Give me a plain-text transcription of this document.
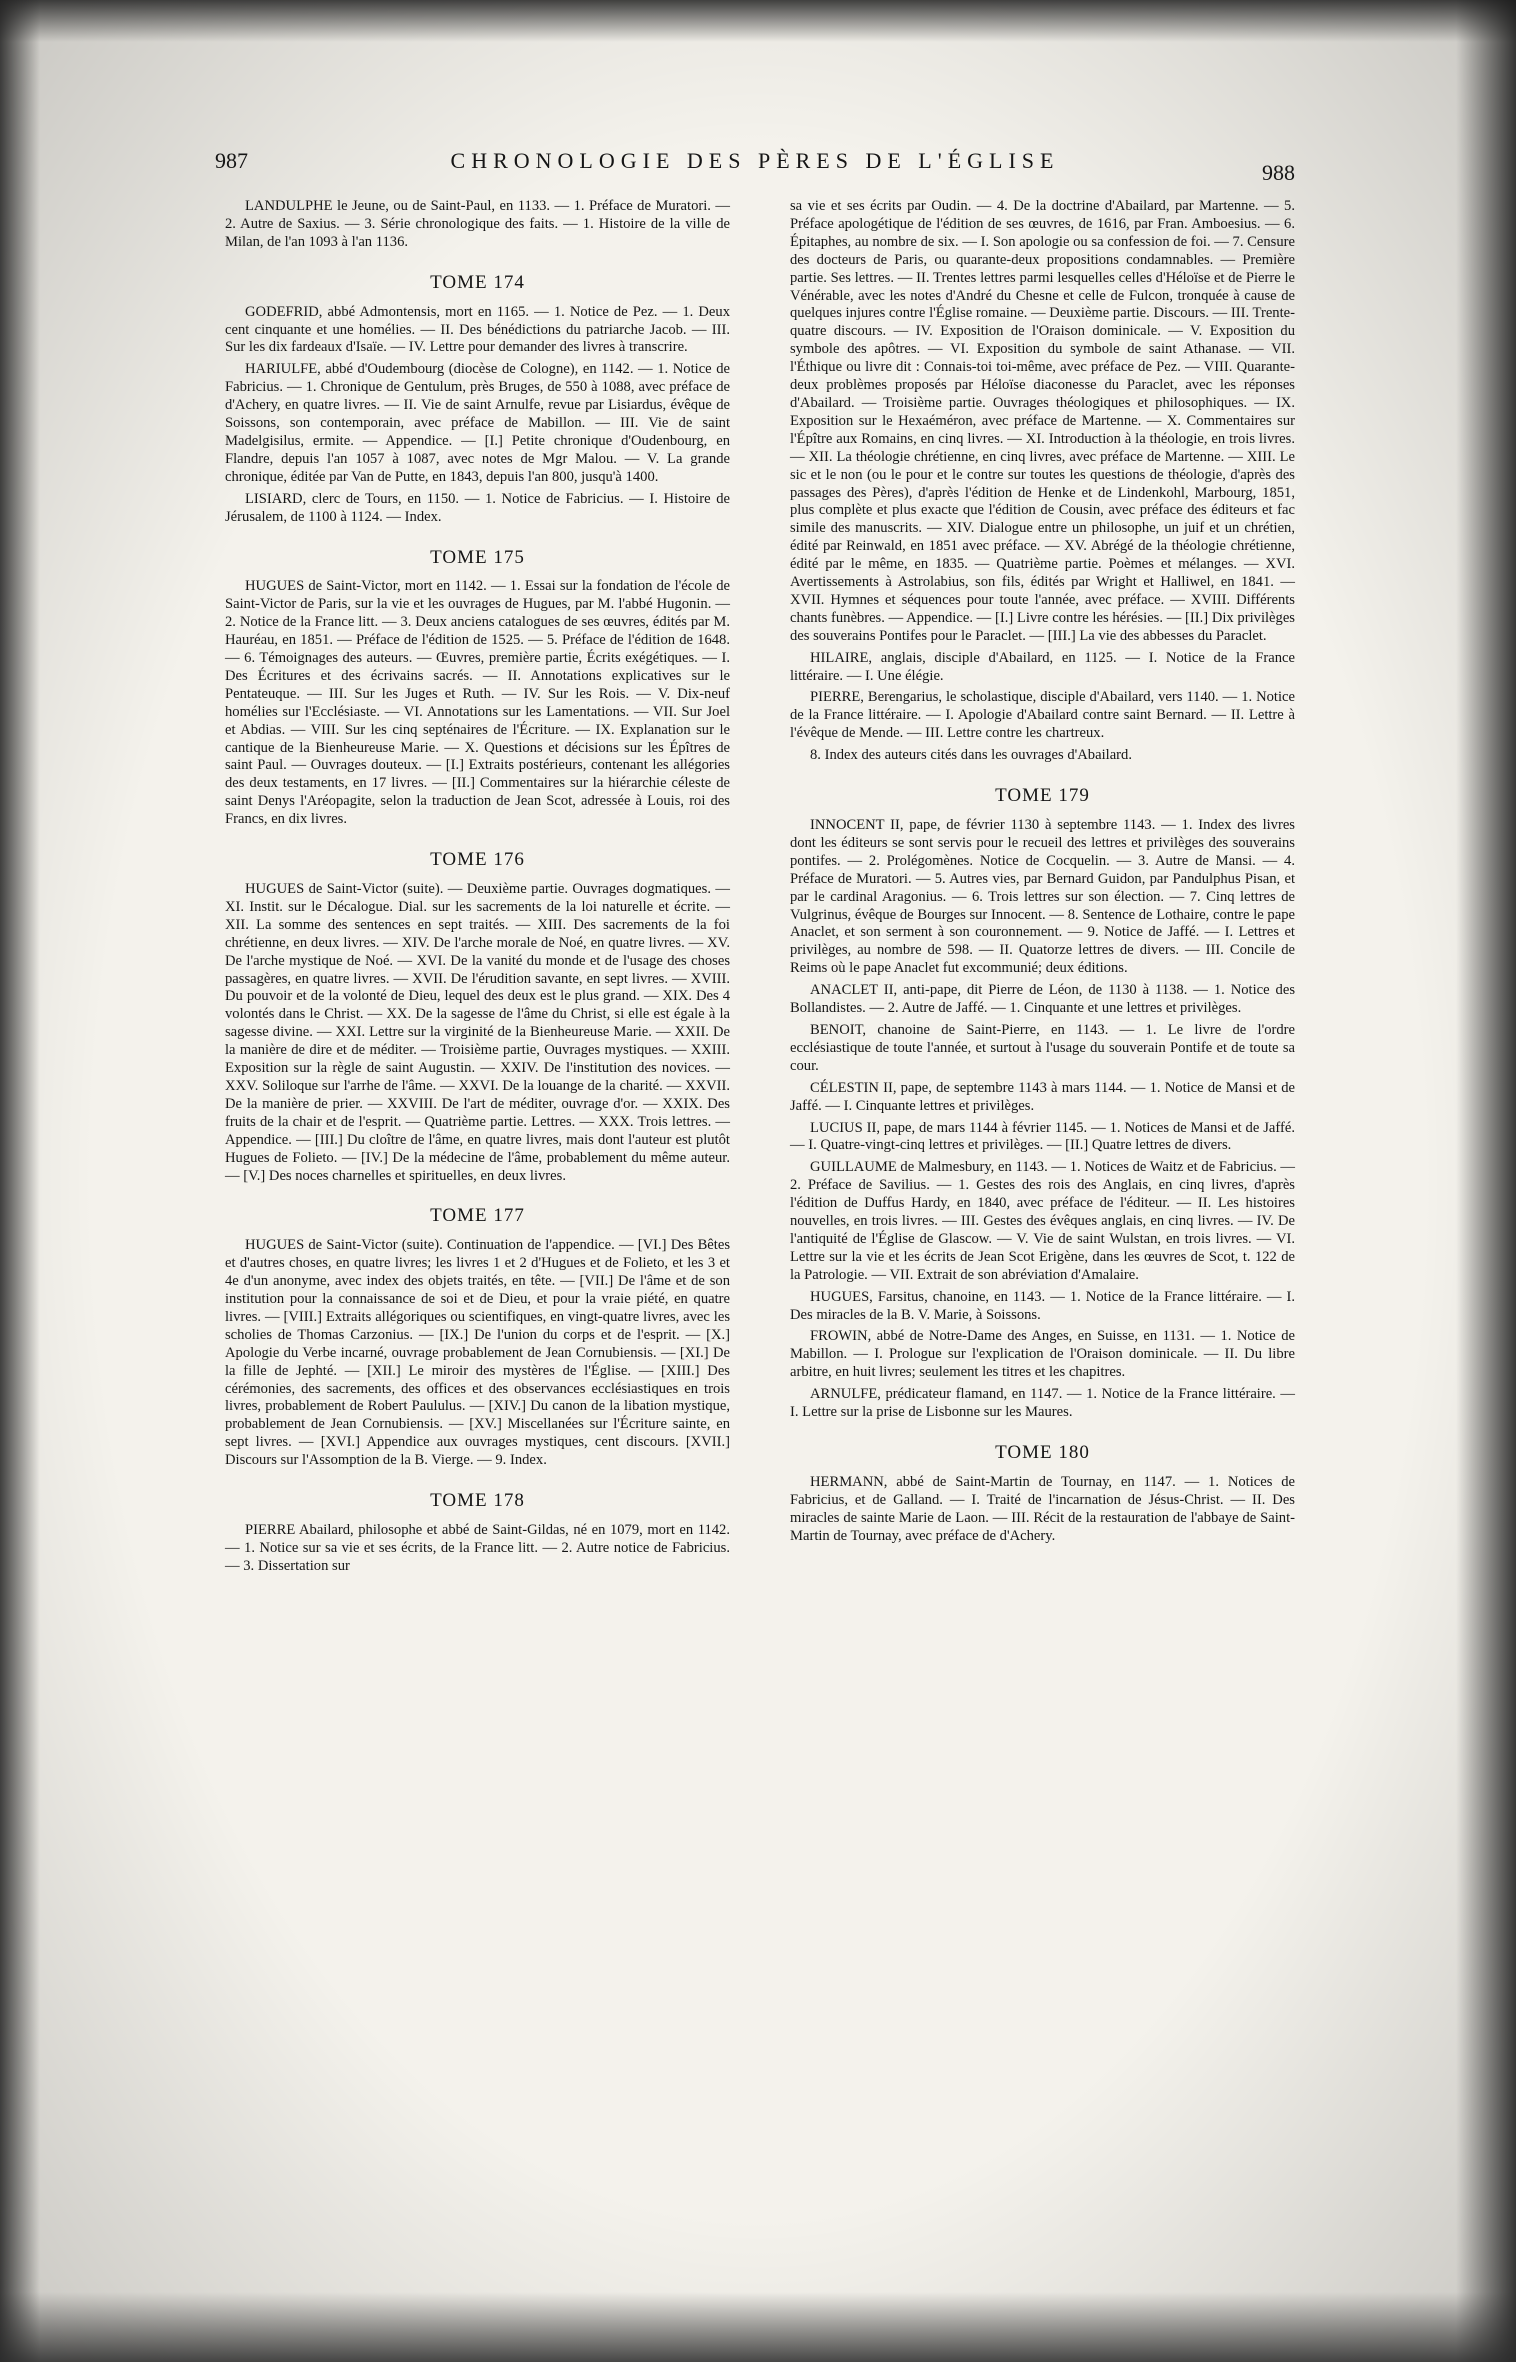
987	CHRONOLOGIE DES PÈRES DE L'ÉGLISE	988

LANDULPHE le Jeune, ou de Saint-Paul, en 1133. — 1. Préface de Muratori. — 2. Autre de Saxius. — 3. Série chronologique des faits. — 1. Histoire de la ville de Milan, de l'an 1093 à l'an 1136.

TOME 174

GODEFRID, abbé Admontensis, mort en 1165. — 1. Notice de Pez. — 1. Deux cent cinquante et une homélies. — II. Des bénédictions du patriarche Jacob. — III. Sur les dix fardeaux d'Isaïe. — IV. Lettre pour demander des livres à transcrire.

HARIULFE, abbé d'Oudembourg (diocèse de Cologne), en 1142. — 1. Notice de Fabricius. — 1. Chronique de Gentulum, près Bruges, de 550 à 1088, avec préface de d'Achery, en quatre livres. — II. Vie de saint Arnulfe, revue par Lisiardus, évêque de Soissons, son contemporain, avec préface de Mabillon. — III. Vie de saint Madelgisilus, ermite. — Appendice. — [I.] Petite chronique d'Oudenbourg, en Flandre, depuis l'an 1057 à 1087, avec notes de Mgr Malou. — V. La grande chronique, éditée par Van de Putte, en 1843, depuis l'an 800, jusqu'à 1400.

LISIARD, clerc de Tours, en 1150. — 1. Notice de Fabricius. — I. Histoire de Jérusalem, de 1100 à 1124. — Index.

TOME 175

HUGUES de Saint-Victor, mort en 1142. — 1. Essai sur la fondation de l'école de Saint-Victor de Paris, sur la vie et les ouvrages de Hugues, par M. l'abbé Hugonin. — 2. Notice de la France litt. — 3. Deux anciens catalogues de ses œuvres, édités par M. Hauréau, en 1851. — Préface de l'édition de 1525. — 5. Préface de l'édition de 1648. — 6. Témoignages des auteurs. — Œuvres, première partie, Écrits exégétiques. — I. Des Écritures et des écrivains sacrés. — II. Annotations explicatives sur le Pentateuque. — III. Sur les Juges et Ruth. — IV. Sur les Rois. — V. Dix-neuf homélies sur l'Ecclésiaste. — VI. Annotations sur les Lamentations. — VII. Sur Joel et Abdias. — VIII. Sur les cinq septénaires de l'Écriture. — IX. Explanation sur le cantique de la Bienheureuse Marie. — X. Questions et décisions sur les Épîtres de saint Paul. — Ouvrages douteux. — [I.] Extraits postérieurs, contenant les allégories des deux testaments, en 17 livres. — [II.] Commentaires sur la hiérarchie céleste de saint Denys l'Aréopagite, selon la traduction de Jean Scot, adressée à Louis, roi des Francs, en dix livres.

TOME 176

HUGUES de Saint-Victor (suite). — Deuxième partie. Ouvrages dogmatiques. — XI. Instit. sur le Décalogue. Dial. sur les sacrements de la loi naturelle et écrite. — XII. La somme des sentences en sept traités. — XIII. Des sacrements de la foi chrétienne, en deux livres. — XIV. De l'arche morale de Noé, en quatre livres. — XV. De l'arche mystique de Noé. — XVI. De la vanité du monde et de l'usage des choses passagères, en quatre livres. — XVII. De l'érudition savante, en sept livres. — XVIII. Du pouvoir et de la volonté de Dieu, lequel des deux est le plus grand. — XIX. Des 4 volontés dans le Christ. — XX. De la sagesse de l'âme du Christ, si elle est égale à la sagesse divine. — XXI. Lettre sur la virginité de la Bienheureuse Marie. — XXII. De la manière de dire et de méditer. — Troisième partie, Ouvrages mystiques. — XXIII. Exposition sur la règle de saint Augustin. — XXIV. De l'institution des novices. — XXV. Soliloque sur l'arrhe de l'âme. — XXVI. De la louange de la charité. — XXVII. De la manière de prier. — XXVIII. De l'art de méditer, ouvrage d'or. — XXIX. Des fruits de la chair et de l'esprit. — Quatrième partie. Lettres. — XXX. Trois lettres. — Appendice. — [III.] Du cloître de l'âme, en quatre livres, mais dont l'auteur est plutôt Hugues de Folieto. — [IV.] De la médecine de l'âme, probablement du même auteur. — [V.] Des noces charnelles et spirituelles, en deux livres.

TOME 177

HUGUES de Saint-Victor (suite). Continuation de l'appendice. — [VI.] Des Bêtes et d'autres choses, en quatre livres; les livres 1 et 2 d'Hugues et de Folieto, et les 3 et 4e d'un anonyme, avec index des objets traités, en tête. — [VII.] De l'âme et de son institution pour la connaissance de soi et de Dieu, et pour la vraie piété, en quatre livres. — [VIII.] Extraits allégoriques ou scientifiques, en vingt-quatre livres, avec les scholies de Thomas Carzonius. — [IX.] De l'union du corps et de l'esprit. — [X.] Apologie du Verbe incarné, ouvrage probablement de Jean Cornubiensis. — [XI.] De la fille de Jephté. — [XII.] Le miroir des mystères de l'Église. — [XIII.] Des cérémonies, des sacrements, des offices et des observances ecclésiastiques en trois livres, probablement de Robert Paululus. — [XIV.] Du canon de la libation mystique, probablement de Jean Cornubiensis. — [XV.] Miscellanées sur l'Écriture sainte, en sept livres. — [XVI.] Appendice aux ouvrages mystiques, cent discours. [XVII.] Discours sur l'Assomption de la B. Vierge. — 9. Index.

TOME 178

PIERRE Abailard, philosophe et abbé de Saint-Gildas, né en 1079, mort en 1142. — 1. Notice sur sa vie et ses écrits, de la France litt. — 2. Autre notice de Fabricius. — 3. Dissertation sur

sa vie et ses écrits par Oudin. — 4. De la doctrine d'Abailard, par Martenne. — 5. Préface apologétique de l'édition de ses œuvres, de 1616, par Fran. Amboesius. — 6. Épitaphes, au nombre de six. — I. Son apologie ou sa confession de foi. — 7. Censure des docteurs de Paris, ou quarante-deux propositions condamnables. — Première partie. Ses lettres. — II. Trentes lettres parmi lesquelles celles d'Héloïse et de Pierre le Vénérable, avec les notes d'André du Chesne et celle de Fulcon, tronquée à cause de quelques injures contre l'Église romaine. — Deuxième partie. Discours. — III. Trente-quatre discours. — IV. Exposition de l'Oraison dominicale. — V. Exposition du symbole des apôtres. — VI. Exposition du symbole de saint Athanase. — VII. l'Éthique ou livre dit : Connais-toi toi-même, avec préface de Pez. — VIII. Quarante-deux problèmes proposés par Héloïse diaconesse du Paraclet, avec les réponses d'Abailard. — Troisième partie. Ouvrages théologiques et philosophiques. — IX. Exposition sur le Hexaéméron, avec préface de Martenne. — X. Commentaires sur l'Épître aux Romains, en cinq livres. — XI. Introduction à la théologie, en trois livres. — XII. La théologie chrétienne, en cinq livres, avec préface de Martenne. — XIII. Le sic et le non (ou le pour et le contre sur toutes les questions de théologie, d'après des passages des Pères), d'après l'édition de Henke et de Lindenkohl, Marbourg, 1851, plus complète et plus exacte que l'édition de Cousin, avec préface des éditeurs et fac simile des manuscrits. — XIV. Dialogue entre un philosophe, un juif et un chrétien, édité par Reinwald, en 1851 avec préface. — XV. Abrégé de la théologie chrétienne, édité par le même, en 1835. — Quatrième partie. Poèmes et mélanges. — XVI. Avertissements à Astrolabius, son fils, édités par Wright et Halliwel, en 1841. — XVII. Hymnes et séquences pour toute l'année, avec préface. — XVIII. Différents chants funèbres. — Appendice. — [I.] Livre contre les hérésies. — [II.] Dix privilèges des souverains Pontifes pour le Paraclet. — [III.] La vie des abbesses du Paraclet.

HILAIRE, anglais, disciple d'Abailard, en 1125. — I. Notice de la France littéraire. — I. Une élégie.

PIERRE, Berengarius, le scholastique, disciple d'Abailard, vers 1140. — 1. Notice de la France littéraire. — I. Apologie d'Abailard contre saint Bernard. — II. Lettre à l'évêque de Mende. — III. Lettre contre les chartreux.

8. Index des auteurs cités dans les ouvrages d'Abailard.

TOME 179

INNOCENT II, pape, de février 1130 à septembre 1143. — 1. Index des livres dont les éditeurs se sont servis pour le recueil des lettres et privilèges des souverains pontifes. — 2. Prolégomènes. Notice de Cocquelin. — 3. Autre de Mansi. — 4. Préface de Muratori. — 5. Autres vies, par Bernard Guidon, par Pandulphus Pisan, et par le cardinal Aragonius. — 6. Trois lettres sur son élection. — 7. Cinq lettres de Vulgrinus, évêque de Bourges sur Innocent. — 8. Sentence de Lothaire, contre le pape Anaclet, et son serment à son couronnement. — 9. Notice de Jaffé. — I. Lettres et privilèges, au nombre de 598. — II. Quatorze lettres de divers. — III. Concile de Reims où le pape Anaclet fut excommunié; deux éditions.

ANACLET II, anti-pape, dit Pierre de Léon, de 1130 à 1138. — 1. Notice des Bollandistes. — 2. Autre de Jaffé. — 1. Cinquante et une lettres et privilèges.

BENOIT, chanoine de Saint-Pierre, en 1143. — 1. Le livre de l'ordre ecclésiastique de toute l'année, et surtout à l'usage du souverain Pontife et de toute sa cour.

CÉLESTIN II, pape, de septembre 1143 à mars 1144. — 1. Notice de Mansi et de Jaffé. — I. Cinquante lettres et privilèges.

LUCIUS II, pape, de mars 1144 à février 1145. — 1. Notices de Mansi et de Jaffé. — I. Quatre-vingt-cinq lettres et privilèges. — [II.] Quatre lettres de divers.

GUILLAUME de Malmesbury, en 1143. — 1. Notices de Waitz et de Fabricius. — 2. Préface de Savilius. — 1. Gestes des rois des Anglais, en cinq livres, d'après l'édition de Duffus Hardy, en 1840, avec préface de l'éditeur. — II. Les histoires nouvelles, en trois livres. — III. Gestes des évêques anglais, en cinq livres. — IV. De l'antiquité de l'Église de Glascow. — V. Vie de saint Wulstan, en trois livres. — VI. Lettre sur la vie et les écrits de Jean Scot Erigène, dans les œuvres de Scot, t. 122 de la Patrologie. — VII. Extrait de son abréviation d'Amalaire.

HUGUES, Farsitus, chanoine, en 1143. — 1. Notice de la France littéraire. — I. Des miracles de la B. V. Marie, à Soissons.

FROWIN, abbé de Notre-Dame des Anges, en Suisse, en 1131. — 1. Notice de Mabillon. — I. Prologue sur l'explication de l'Oraison dominicale. — II. Du libre arbitre, en huit livres; seulement les titres et les chapitres.

ARNULFE, prédicateur flamand, en 1147. — 1. Notice de la France littéraire. — I. Lettre sur la prise de Lisbonne sur les Maures.

TOME 180

HERMANN, abbé de Saint-Martin de Tournay, en 1147. — 1. Notices de Fabricius, et de Galland. — I. Traité de l'incarnation de Jésus-Christ. — II. Des miracles de sainte Marie de Laon. — III. Récit de la restauration de l'abbaye de Saint-Martin de Tournay, avec préface de d'Achery.
